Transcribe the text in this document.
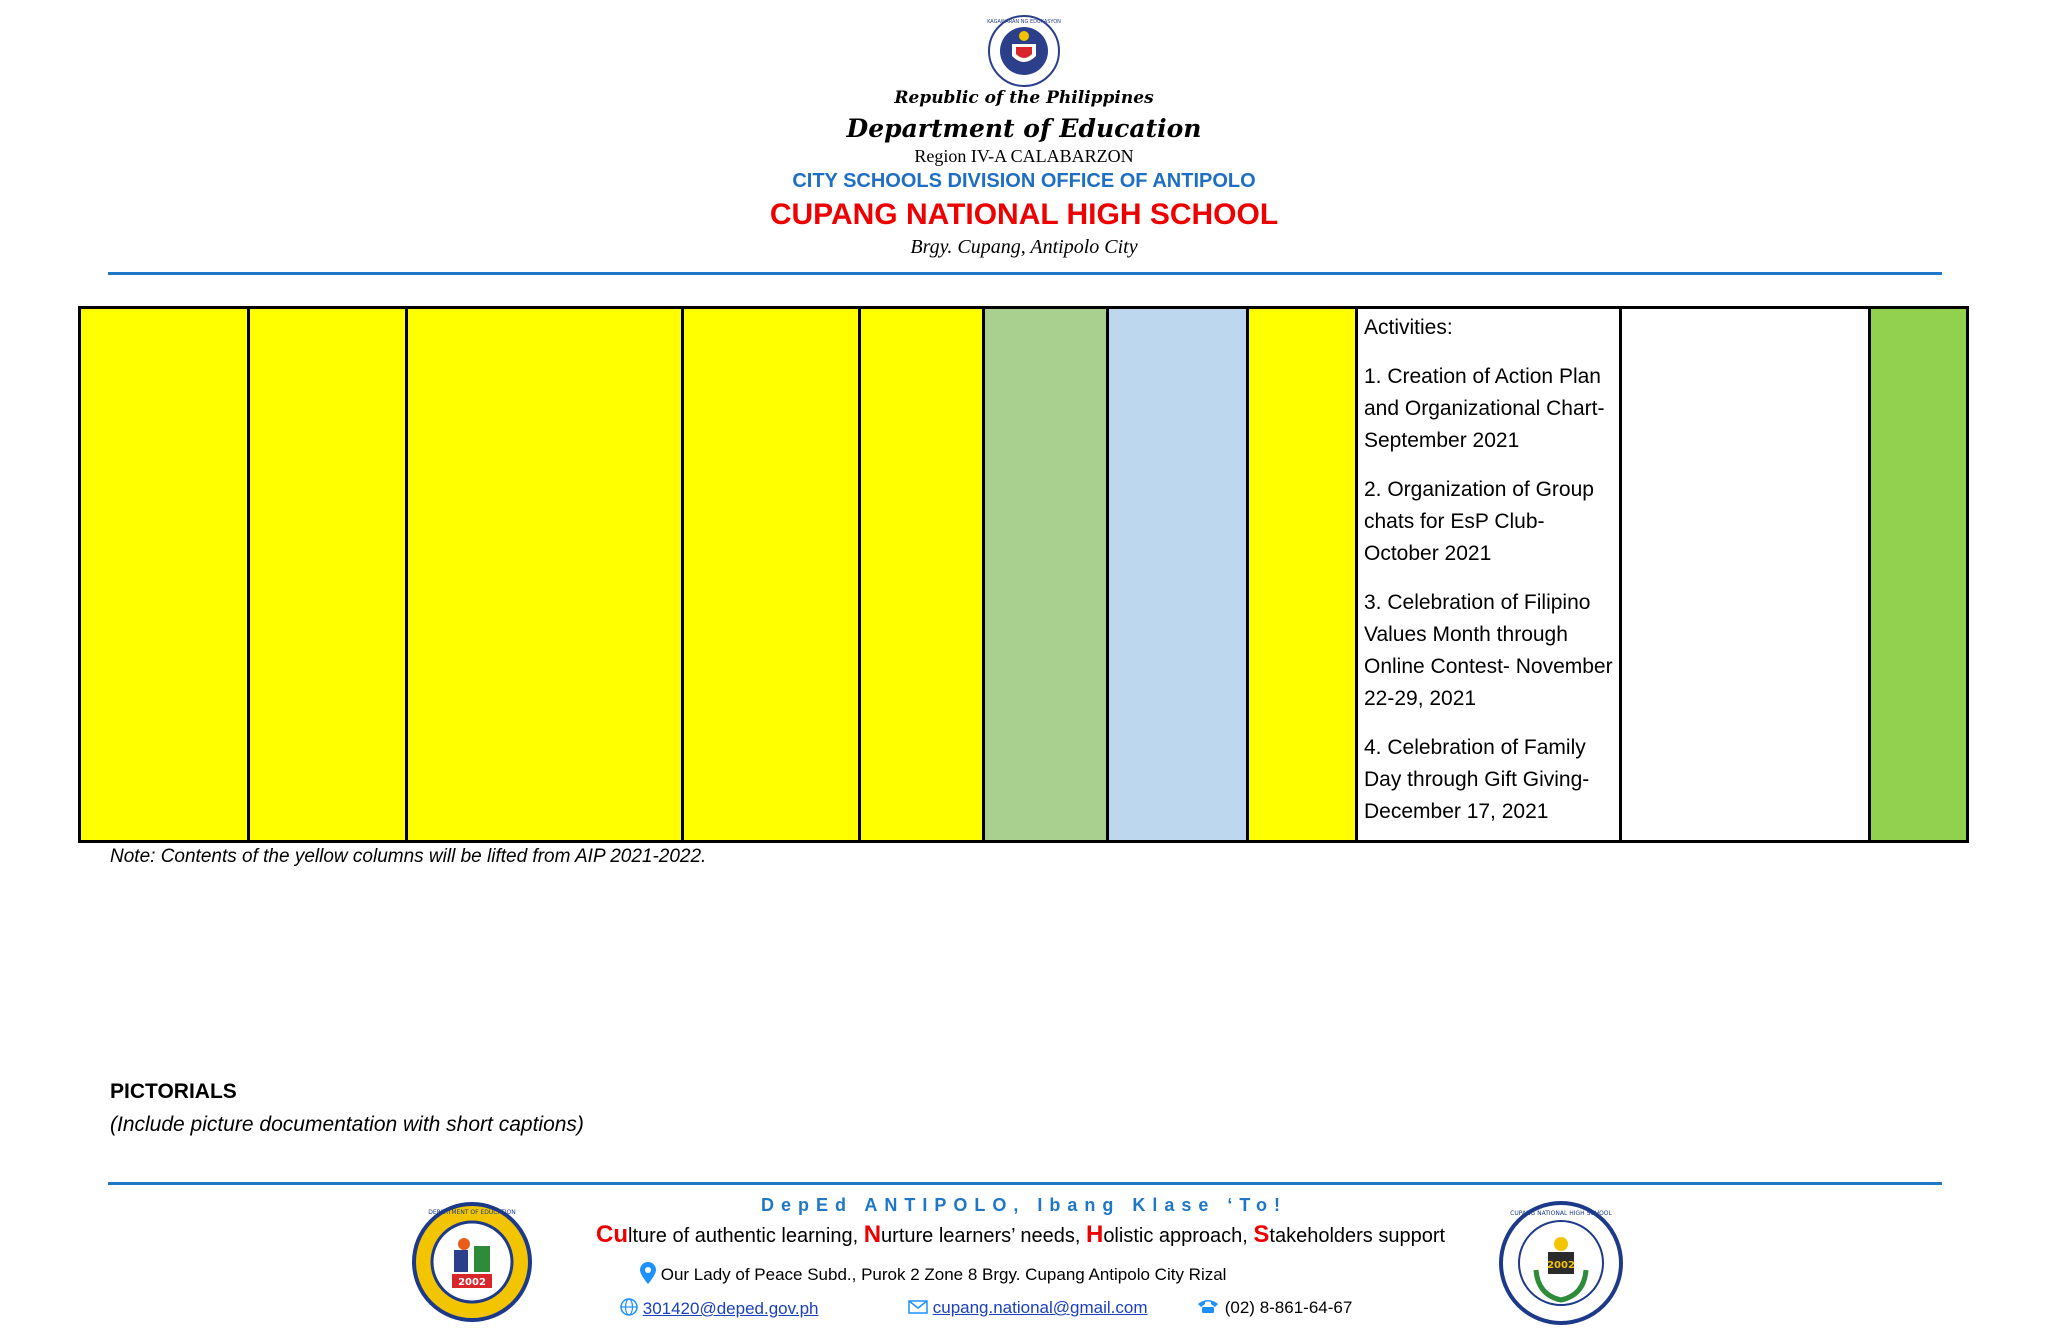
KAGAWARAN NG EDUKASYON
Republic of the Philippines
Department of Education
Region IV-A CALABARZON
CITY SCHOOLS DIVISION OFFICE OF ANTIPOLO
CUPANG NATIONAL HIGH SCHOOL
Brgy. Cupang, Antipolo City

Activities:

1. Creation of Action Plan and Organizational Chart- September 2021

2. Organization of Group chats for EsP Club- October 2021

3. Celebration of Filipino Values Month through Online Contest- November 22-29, 2021

4. Celebration of Family Day through Gift Giving- December 17, 2021

Note: Contents of the yellow columns will be lifted from AIP 2021-2022.
PICTORIALS
(Include picture documentation with short captions)
DepEd ANTIPOLO, Ibang Klase ‘To!
2002
DEPARTMENT OF EDUCATION
Culture of authentic learning, Nurture learners’ needs, Holistic approach, Stakeholders support
Our Lady of Peace Subd., Purok 2 Zone 8 Brgy. Cupang Antipolo City Rizal
301420@deped.gov.ph	cupang.national@gmail.com	(02) 8-861-64-67
2002
CUPANG NATIONAL HIGH SCHOOL
